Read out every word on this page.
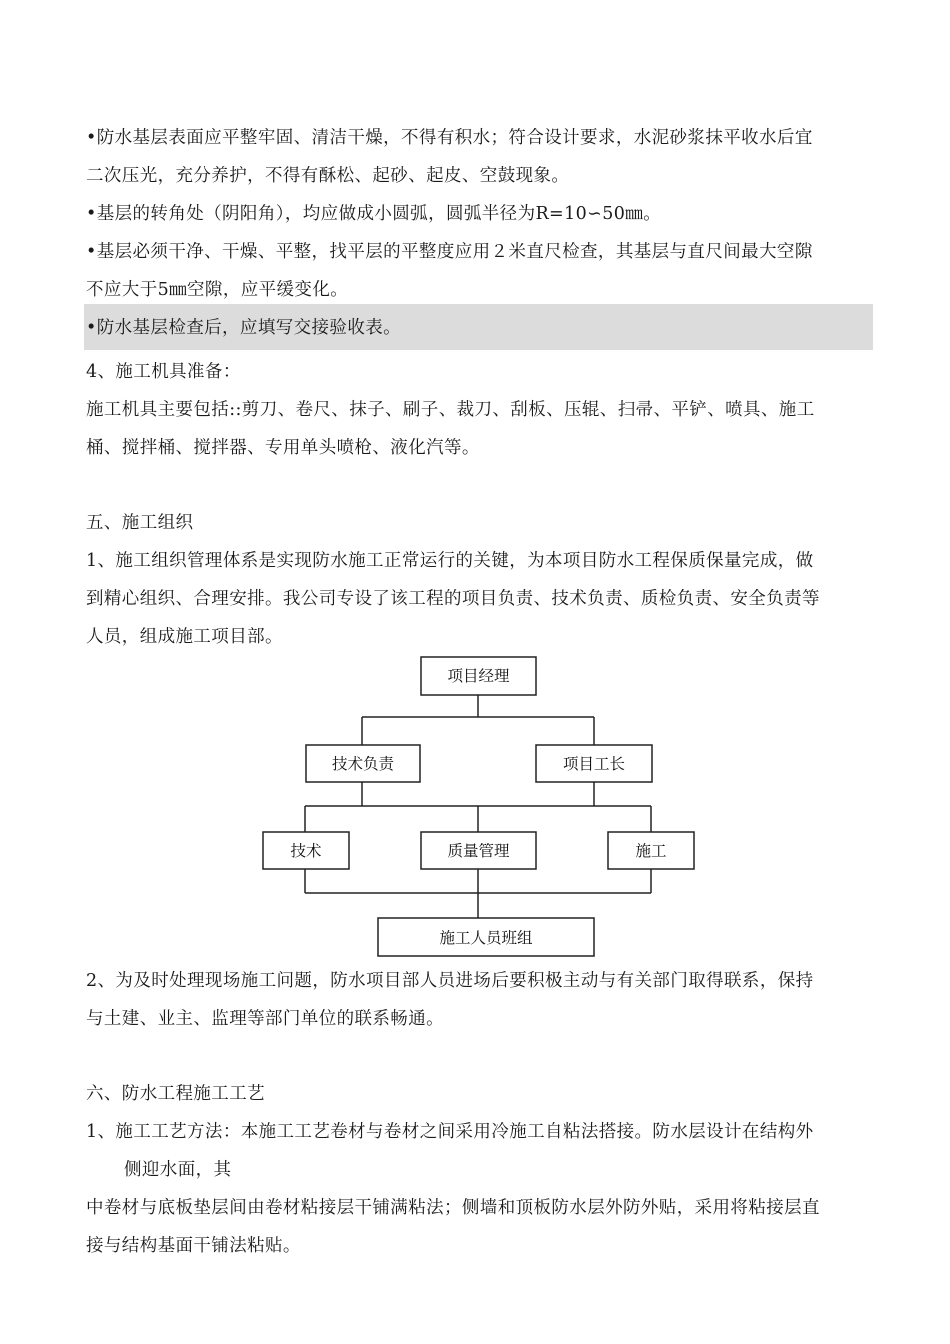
•防水基层表面应平整牢固、清洁干燥，不得有积水；符合设计要求，水泥砂浆抹平收水后宜
二次压光，充分养护，不得有酥松、起砂、起皮、空鼓现象。
•基层的转角处（阴阳角），均应做成小圆弧，圆弧半径为R=10∽50㎜。
•基层必须干净、干燥、平整，找平层的平整度应用２米直尺检查，其基层与直尺间最大空隙
不应大于5㎜空隙，应平缓变化。
•防水基层检查后，应填写交接验收表。
4、施工机具准备：
施工机具主要包括::剪刀、卷尺、抹子、刷子、裁刀、刮板、压辊、扫帚、平铲、喷具、施工
桶、搅拌桶、搅拌器、专用单头喷枪、液化汽等。
五、施工组织
1、施工组织管理体系是实现防水施工正常运行的关键，为本项目防水工程保质保量完成，做
到精心组织、合理安排。我公司专设了该工程的项目负责、技术负责、质检负责、安全负责等
人员，组成施工项目部。
项目经理
技术负责	项目工长
技术	质量管理	施工
施工人员班组
2、为及时处理现场施工问题，防水项目部人员进场后要积极主动与有关部门取得联系，保持
与土建、业主、监理等部门单位的联系畅通。
六、防水工程施工工艺
1、施工工艺方法：本施工工艺卷材与卷材之间采用冷施工自粘法搭接。防水层设计在结构外
侧迎水面，其
中卷材与底板垫层间由卷材粘接层干铺满粘法；侧墙和顶板防水层外防外贴，采用将粘接层直
接与结构基面干铺法粘贴。
